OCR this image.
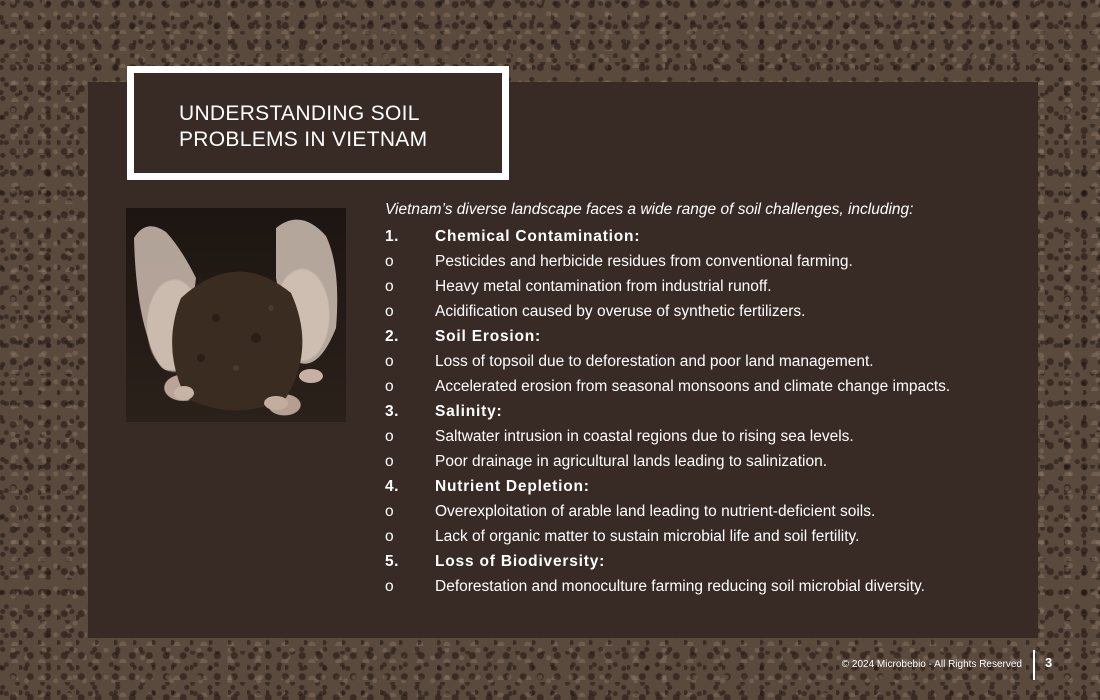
UNDERSTANDING SOIL
PROBLEMS IN VIETNAM

Vietnam’s diverse landscape faces a wide range of soil challenges, including:

1.	Chemical Contamination:
o	Pesticides and herbicide residues from conventional farming.
o	Heavy metal contamination from industrial runoff.
o	Acidification caused by overuse of synthetic fertilizers.
2.	Soil Erosion:
o	Loss of topsoil due to deforestation and poor land management.
o	Accelerated erosion from seasonal monsoons and climate change impacts.
3.	Salinity:
o	Saltwater intrusion in coastal regions due to rising sea levels.
o	Poor drainage in agricultural lands leading to salinization.
4.	Nutrient Depletion:
o	Overexploitation of arable land leading to nutrient-deficient soils.
o	Lack of organic matter to sustain microbial life and soil fertility.
5.	Loss of Biodiversity:
o	Deforestation and monoculture farming reducing soil microbial diversity.
© 2024 Microbebio - All Rights Reserved 3
